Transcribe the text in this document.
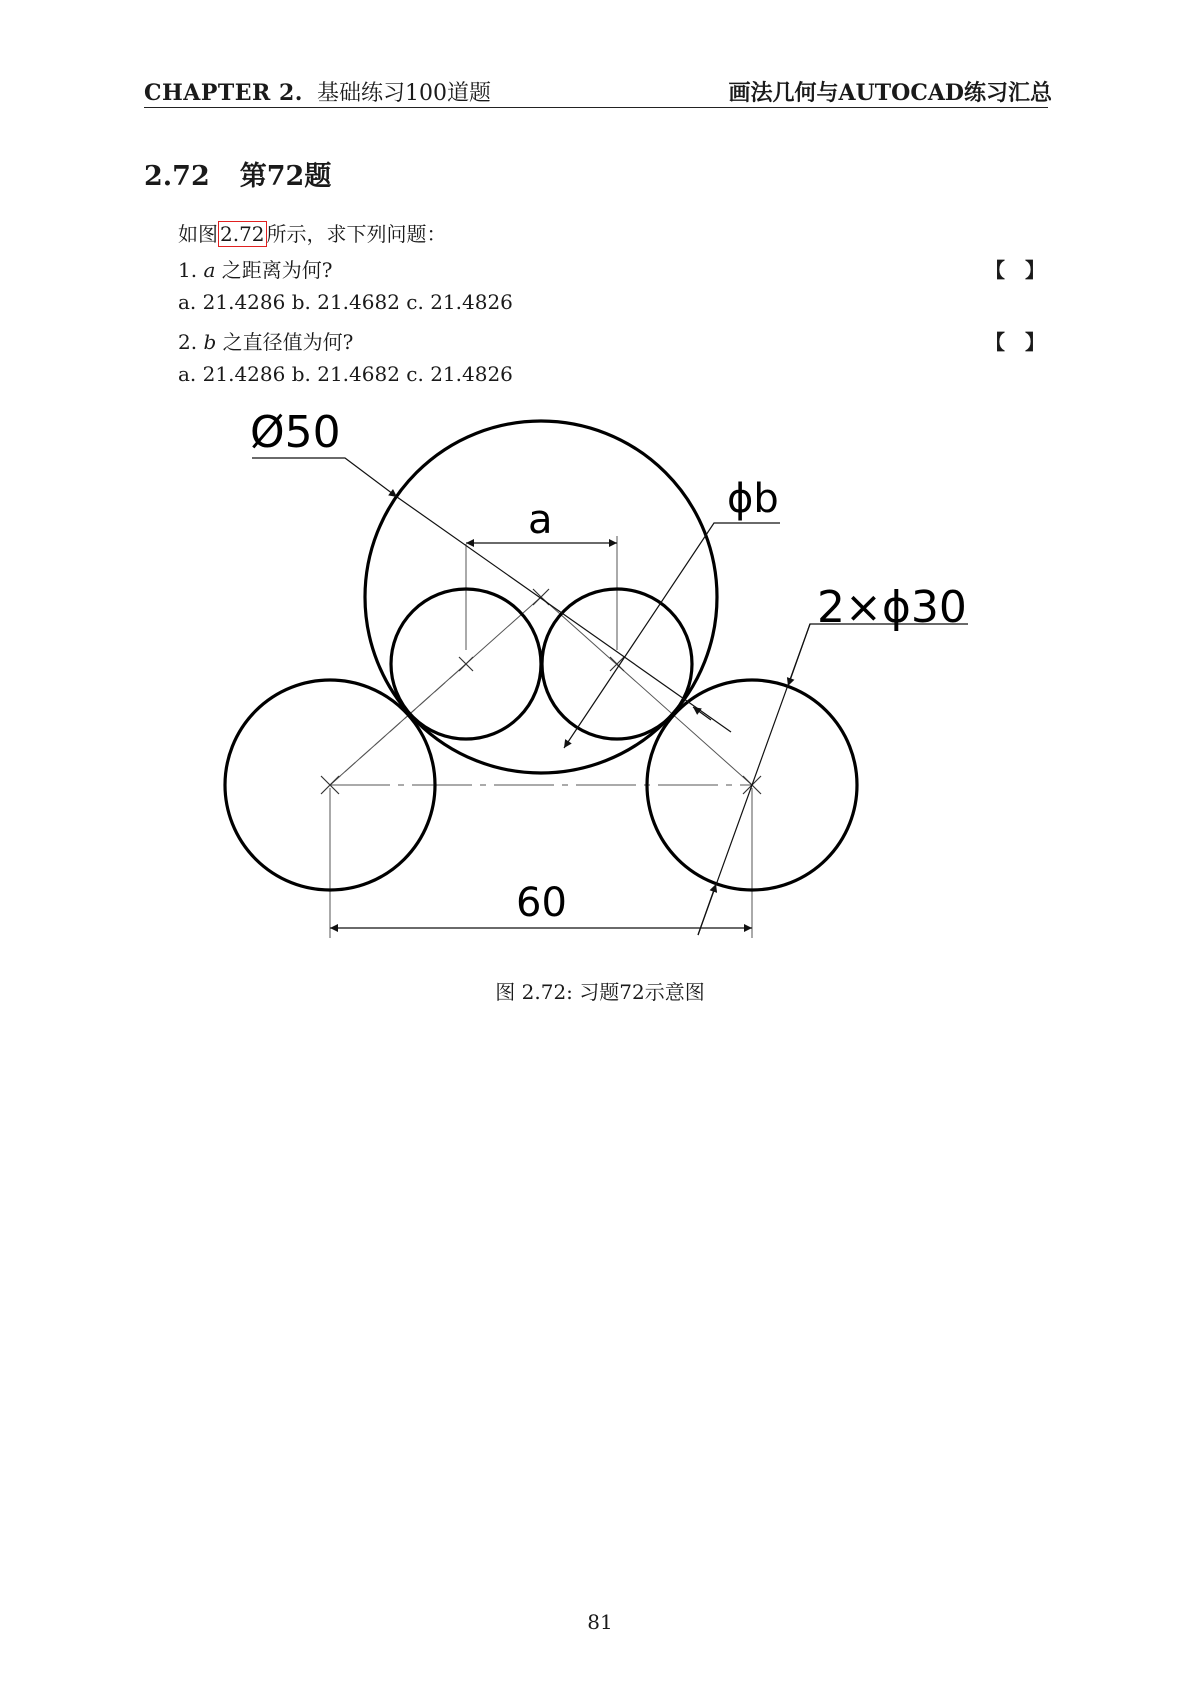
CHAPTER 2. 基础练习100道题	画法几何与AUTOCAD练习汇总
2.72 第72题
如图 2.72 所示，求下列问题：
1. a 之距离为何?	【　】
a. 21.4286 b. 21.4682 c. 21.4826
2. b 之直径值为何?	【　】
a. 21.4286 b. 21.4682 c. 21.4826
Ø50
ϕb
2×ϕ30
a
60
图 2.72: 习题72示意图
81
